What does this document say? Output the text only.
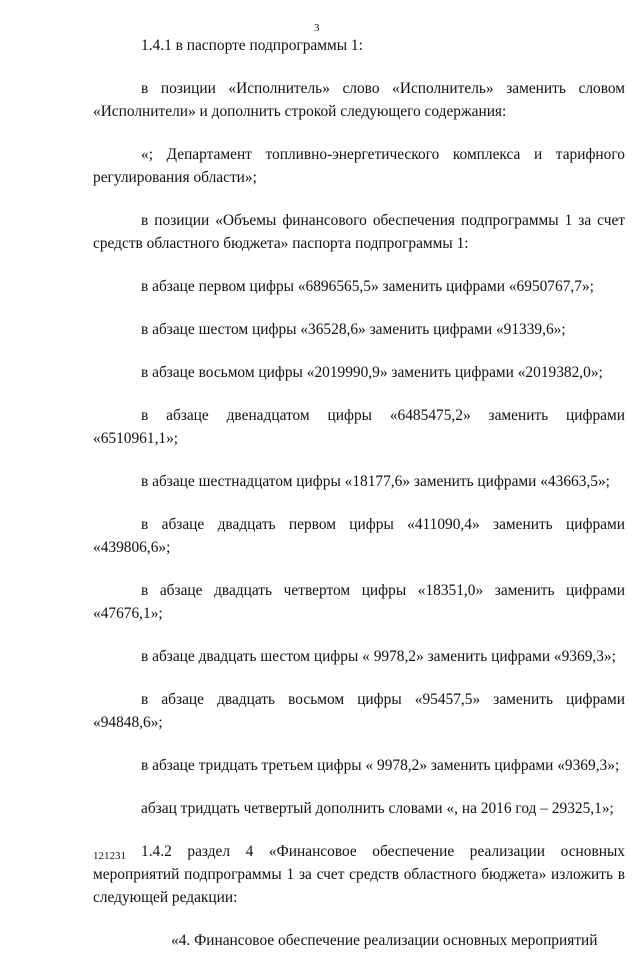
3

1.4.1 в паспорте подпрограммы 1:

в позиции «Исполнитель» слово «Исполнитель» заменить словом «Исполнители» и дополнить строкой следующего содержания:

«; Департамент топливно-энергетического комплекса и тарифного регулирования области»;

в позиции «Объемы финансового обеспечения подпрограммы 1 за счет средств областного бюджета» паспорта подпрограммы 1:

в абзаце первом цифры «6896565,5» заменить цифрами «6950767,7»;

в абзаце шестом цифры «36528,6» заменить цифрами «91339,6»;

в абзаце восьмом цифры «2019990,9» заменить цифрами «2019382,0»;

в абзаце двенадцатом цифры «6485475,2» заменить цифрами «6510961,1»;

в абзаце шестнадцатом цифры «18177,6» заменить цифрами «43663,5»;

в абзаце двадцать первом цифры «411090,4» заменить цифрами «439806,6»;

в абзаце двадцать четвертом цифры «18351,0» заменить цифрами «47676,1»;

в абзаце двадцать шестом цифры « 9978,2» заменить цифрами «9369,3»;

в абзаце двадцать восьмом цифры «95457,5» заменить цифрами «94848,6»;

в абзаце тридцать третьем цифры « 9978,2» заменить цифрами «9369,3»;

абзац тридцать четвертый дополнить словами «, на 2016 год – 29325,1»;

1.4.2 раздел 4 «Финансовое обеспечение реализации основных мероприятий подпрограммы 1 за счет средств областного бюджета» изложить в следующей редакции:

«4. Финансовое обеспечение реализации основных мероприятий

121231
